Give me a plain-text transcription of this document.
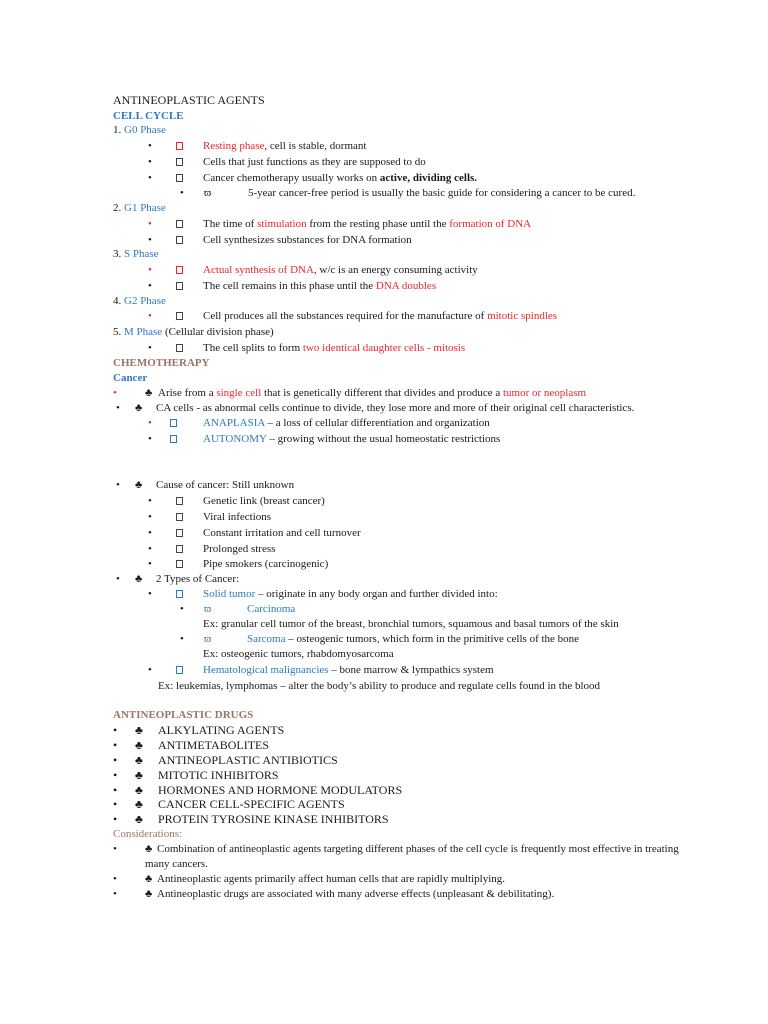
ANTINEOPLASTIC AGENTS
CELL CYCLE
1. G0 Phase
•	Resting phase, cell is stable, dormant
•	Cells that just functions as they are supposed to do
•	Cancer chemotherapy usually works on active, dividing cells.
• ϖ	5-year cancer-free period is usually the basic guide for considering a cancer to be cured.
2. G1 Phase
•	The time of stimulation from the resting phase until the formation of DNA
•	Cell synthesizes substances for DNA formation
3. S Phase
•	Actual synthesis of DNA, w/c is an energy consuming activity
•	The cell remains in this phase until the DNA doubles
4. G2 Phase
•	Cell produces all the substances required for the manufacture of mitotic spindles
5. M Phase (Cellular division phase)
•	The cell splits to form two identical daughter cells - mitosis
CHEMOTHERAPY
Cancer
•	♣ Arise from a single cell that is genetically different that divides and produce a tumor or neoplasm
• ♣ CA cells - as abnormal cells continue to divide, they lose more and more of their original cell characteristics.
•	ANAPLASIA – a loss of cellular differentiation and organization
•	AUTONOMY – growing without the usual homeostatic restrictions
• ♣ Cause of cancer: Still unknown
•	Genetic link (breast cancer)
•	Viral infections
•	Constant irritation and cell turnover
•	Prolonged stress
•	Pipe smokers (carcinogenic)
• ♣ 2 Types of Cancer:
•	Solid tumor – originate in any body organ and further divided into:
• ϖ	Carcinoma
Ex: granular cell tumor of the breast, bronchial tumors, squamous and basal tumors of the skin
• ϖ	Sarcoma – osteogenic tumors, which form in the primitive cells of the bone
Ex: osteogenic tumors, rhabdomyosarcoma
•	Hematological malignancies – bone marrow & lympathics system
Ex: leukemias, lymphomas – alter the body’s ability to produce and regulate cells found in the blood
ANTINEOPLASTIC DRUGS
• ♣ ALKYLATING AGENTS
• ♣ ANTIMETABOLITES
• ♣ ANTINEOPLASTIC ANTIBIOTICS
• ♣ MITOTIC INHIBITORS
• ♣ HORMONES AND HORMONE MODULATORS
• ♣ CANCER CELL-SPECIFIC AGENTS
• ♣ PROTEIN TYROSINE KINASE INHIBITORS
Considerations:
•	♣ Combination of antineoplastic agents targeting different phases of the cell cycle is frequently most effective in treating
many cancers.
•	♣ Antineoplastic agents primarily affect human cells that are rapidly multiplying.
•	♣ Antineoplastic drugs are associated with many adverse effects (unpleasant & debilitating).
